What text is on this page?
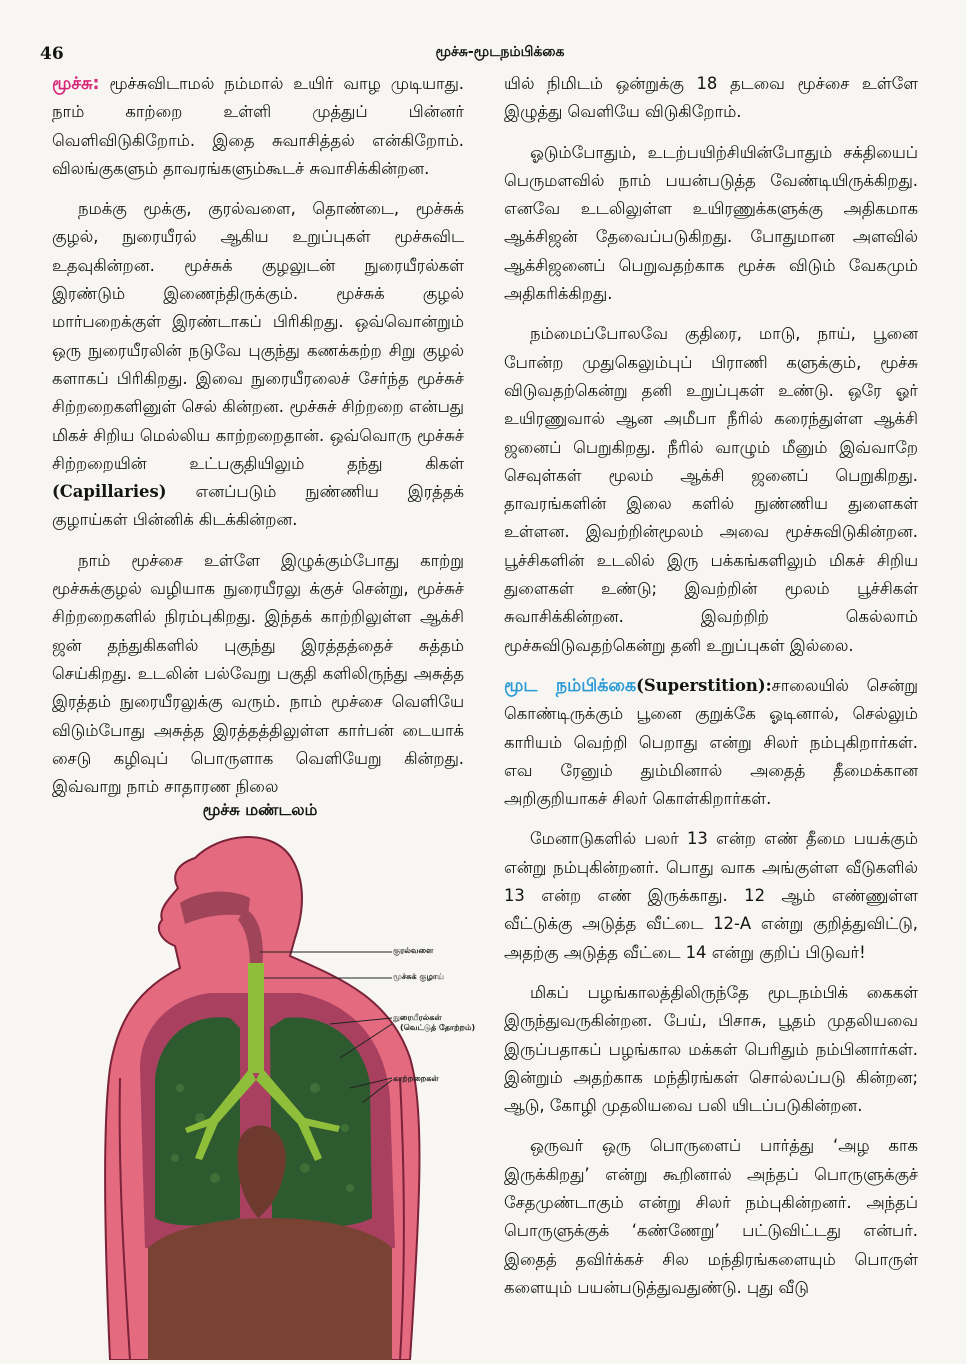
46	மூச்சு-மூடநம்பிக்கை

மூச்சு: மூச்சுவிடாமல் நம்மால் உயிர் வாழ முடியாது. நாம் காற்றை உள்ளி முத்துப் பின்னர் வெளிவிடுகிறோம். இதை சுவாசித்தல் என்கிறோம். விலங்குகளும் தாவரங்களும்கூடச் சுவாசிக்கின்றன.

நமக்கு மூக்கு, குரல்வளை, தொண்டை, மூச்சுக் குழல், நுரையீரல் ஆகிய உறுப்புகள் மூச்சுவிட உதவுகின்றன. மூச்சுக் குழலுடன் நுரையீரல்கள் இரண்டும் இணைந்திருக்கும். மூச்சுக் குழல் மார்பறைக்குள் இரண்டாகப் பிரிகிறது. ஒவ்வொன்றும் ஒரு நுரையீரலின் நடுவே புகுந்து கணக்கற்ற சிறு குழல் களாகப் பிரிகிறது. இவை நுரையீரலைச் சேர்ந்த மூச்சுச் சிற்றறைகளினுள் செல் கின்றன. மூச்சுச் சிற்றறை என்பது மிகச் சிறிய மெல்லிய காற்றறைதான். ஒவ்வொரு மூச்சுச் சிற்றறையின் உட்பகுதியிலும் தந்து கிகள் (Capillaries) எனப்படும் நுண்ணிய இரத்தக் குழாய்கள் பின்னிக் கிடக்கின்றன.

நாம் மூச்சை உள்ளே இழுக்கும்போது காற்று மூச்சுக்குழல் வழியாக நுரையீரலு க்குச் சென்று, மூச்சுச் சிற்றறைகளில் நிரம்புகிறது. இந்தக் காற்றிலுள்ள ஆக்சி ஜன் தந்துகிகளில் புகுந்து இரத்தத்தைச் சுத்தம் செய்கிறது. உடலின் பல்வேறு பகுதி களிலிருந்து அசுத்த இரத்தம் நுரையீரலுக்கு வரும். நாம் மூச்சை வெளியே விடும்போது அசுத்த இரத்தத்திலுள்ள கார்பன் டையாக் சைடு கழிவுப் பொருளாக வெளியேறு கின்றது. இவ்வாறு நாம் சாதாரண நிலை

மூச்சு மண்டலம்
குரல்வளை
மூச்சுக் குழாய்
நுரையீரல்கள்
(வெட்டுத் தோற்றம்)
காற்றறைகள்

யில் நிமிடம் ஒன்றுக்கு 18 தடவை மூச்சை உள்ளே இழுத்து வெளியே விடுகிறோம்.

ஓடும்போதும், உடற்பயிற்சியின்போதும் சக்தியைப் பெருமளவில் நாம் பயன்படுத்த வேண்டியிருக்கிறது. எனவே உடலிலுள்ள உயிரணுக்களுக்கு அதிகமாக ஆக்சிஜன் தேவைப்படுகிறது. போதுமான அளவில் ஆக்சிஜனைப் பெறுவதற்காக மூச்சு விடும் வேகமும் அதிகரிக்கிறது.

நம்மைப்போலவே குதிரை, மாடு, நாய், பூனை போன்ற முதுகெலும்புப் பிராணி களுக்கும், மூச்சு விடுவதற்கென்று தனி உறுப்புகள் உண்டு. ஒரே ஓர் உயிரணுவால் ஆன அமீபா நீரில் கரைந்துள்ள ஆக்சி ஜனைப் பெறுகிறது. நீரில் வாழும் மீனும் இவ்வாறே செவுள்கள் மூலம் ஆக்சி ஜனைப் பெறுகிறது. தாவரங்களின் இலை களில் நுண்ணிய துளைகள் உள்ளன. இவற்றின்மூலம் அவை மூச்சுவிடுகின்றன. பூச்சிகளின் உடலில் இரு பக்கங்களிலும் மிகச் சிறிய துளைகள் உண்டு; இவற்றின் மூலம் பூச்சிகள் சுவாசிக்கின்றன. இவற்றிற் கெல்லாம் மூச்சுவிடுவதற்கென்று தனி உறுப்புகள் இல்லை.

மூட நம்பிக்கை(Superstition):சாலையில் சென்று கொண்டிருக்கும் பூனை குறுக்கே ஓடினால், செல்லும் காரியம் வெற்றி பெறாது என்று சிலர் நம்புகிறார்கள். எவ ரேனும் தும்மினால் அதைத் தீமைக்கான அறிகுறியாகச் சிலர் கொள்கிறார்கள்.

மேனாடுகளில் பலர் 13 என்ற எண் தீமை பயக்கும் என்று நம்புகின்றனர். பொது வாக அங்குள்ள வீடுகளில் 13 என்ற எண் இருக்காது. 12 ஆம் எண்ணுள்ள வீட்டுக்கு அடுத்த வீட்டை 12-A என்று குறித்துவிட்டு, அதற்கு அடுத்த வீட்டை 14 என்று குறிப் பிடுவர்!

மிகப் பழங்காலத்திலிருந்தே மூடநம்பிக் கைகள் இருந்துவருகின்றன. பேய், பிசாசு, பூதம் முதலியவை இருப்பதாகப் பழங்கால மக்கள் பெரிதும் நம்பினார்கள். இன்றும் அதற்காக மந்திரங்கள் சொல்லப்படு கின்றன; ஆடு, கோழி முதலியவை பலி யிடப்படுகின்றன.

ஒருவர் ஒரு பொருளைப் பார்த்து ‘அழ காக இருக்கிறது’ என்று கூறினால் அந்தப் பொருளுக்குச் சேதமுண்டாகும் என்று சிலர் நம்புகின்றனர். அந்தப் பொருளுக்குக் ‘கண்ணேறு’ பட்டுவிட்டது என்பர். இதைத் தவிர்க்கச் சில மந்திரங்களையும் பொருள் களையும் பயன்படுத்துவதுண்டு. புது வீடு
